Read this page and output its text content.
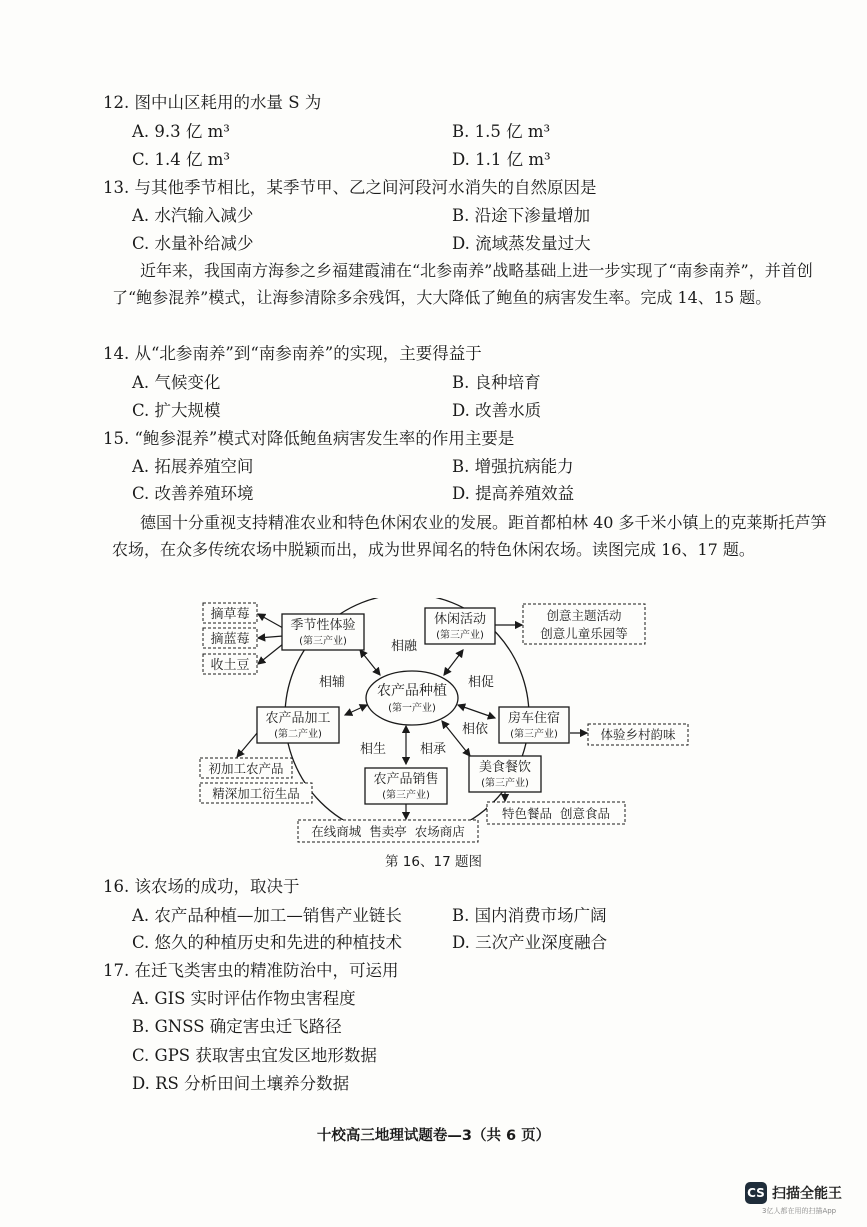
12. 图中山区耗用的水量 S 为
A. 9.3 亿 m³	B. 1.5 亿 m³
C. 1.4 亿 m³	D. 1.1 亿 m³
13. 与其他季节相比，某季节甲、乙之间河段河水消失的自然原因是
A. 水汽输入减少	B. 沿途下渗量增加
C. 水量补给减少	D. 流域蒸发量过大
近年来，我国南方海参之乡福建霞浦在“北参南养”战略基础上进一步实现了“南参南养”，并首创了“鲍参混养”模式，让海参清除多余残饵，大大降低了鲍鱼的病害发生率。完成 14、15 题。
14. 从“北参南养”到“南参南养”的实现，主要得益于
A. 气候变化	B. 良种培育
C. 扩大规模	D. 改善水质
15. “鲍参混养”模式对降低鲍鱼病害发生率的作用主要是
A. 拓展养殖空间	B. 增强抗病能力
C. 改善养殖环境	D. 提高养殖效益
德国十分重视支持精准农业和特色休闲农业的发展。距首都柏林 40 多千米小镇上的克莱斯托芦笋农场，在众多传统农场中脱颖而出，成为世界闻名的特色休闲农场。读图完成 16、17 题。
季节性体验
(第三产业)
休闲活动
(第三产业)
农产品加工
(第二产业)
房车住宿
(第三产业)
农产品销售
(第三产业)
美食餐饮
(第三产业)
农产品种植
(第一产业)
摘草莓
摘蓝莓
收土豆
创意主题活动
创意儿童乐园等
初加工农产品
精深加工衍生品
体验乡村韵味
特色餐品  创意食品
在线商城  售卖亭  农场商店
相融
相辅	相促
相依
相生	相承
第 16、17 题图
16. 该农场的成功，取决于
A. 农产品种植—加工—销售产业链长	B. 国内消费市场广阔
C. 悠久的种植历史和先进的种植技术	D. 三次产业深度融合
17. 在迁飞类害虫的精准防治中，可运用
A. GIS 实时评估作物虫害程度
B. GNSS 确定害虫迁飞路径
C. GPS 获取害虫宜发区地形数据
D. RS 分析田间土壤养分数据
十校高三地理试题卷—3（共 6 页）
CS 扫描全能王
3亿人都在用的扫描App
